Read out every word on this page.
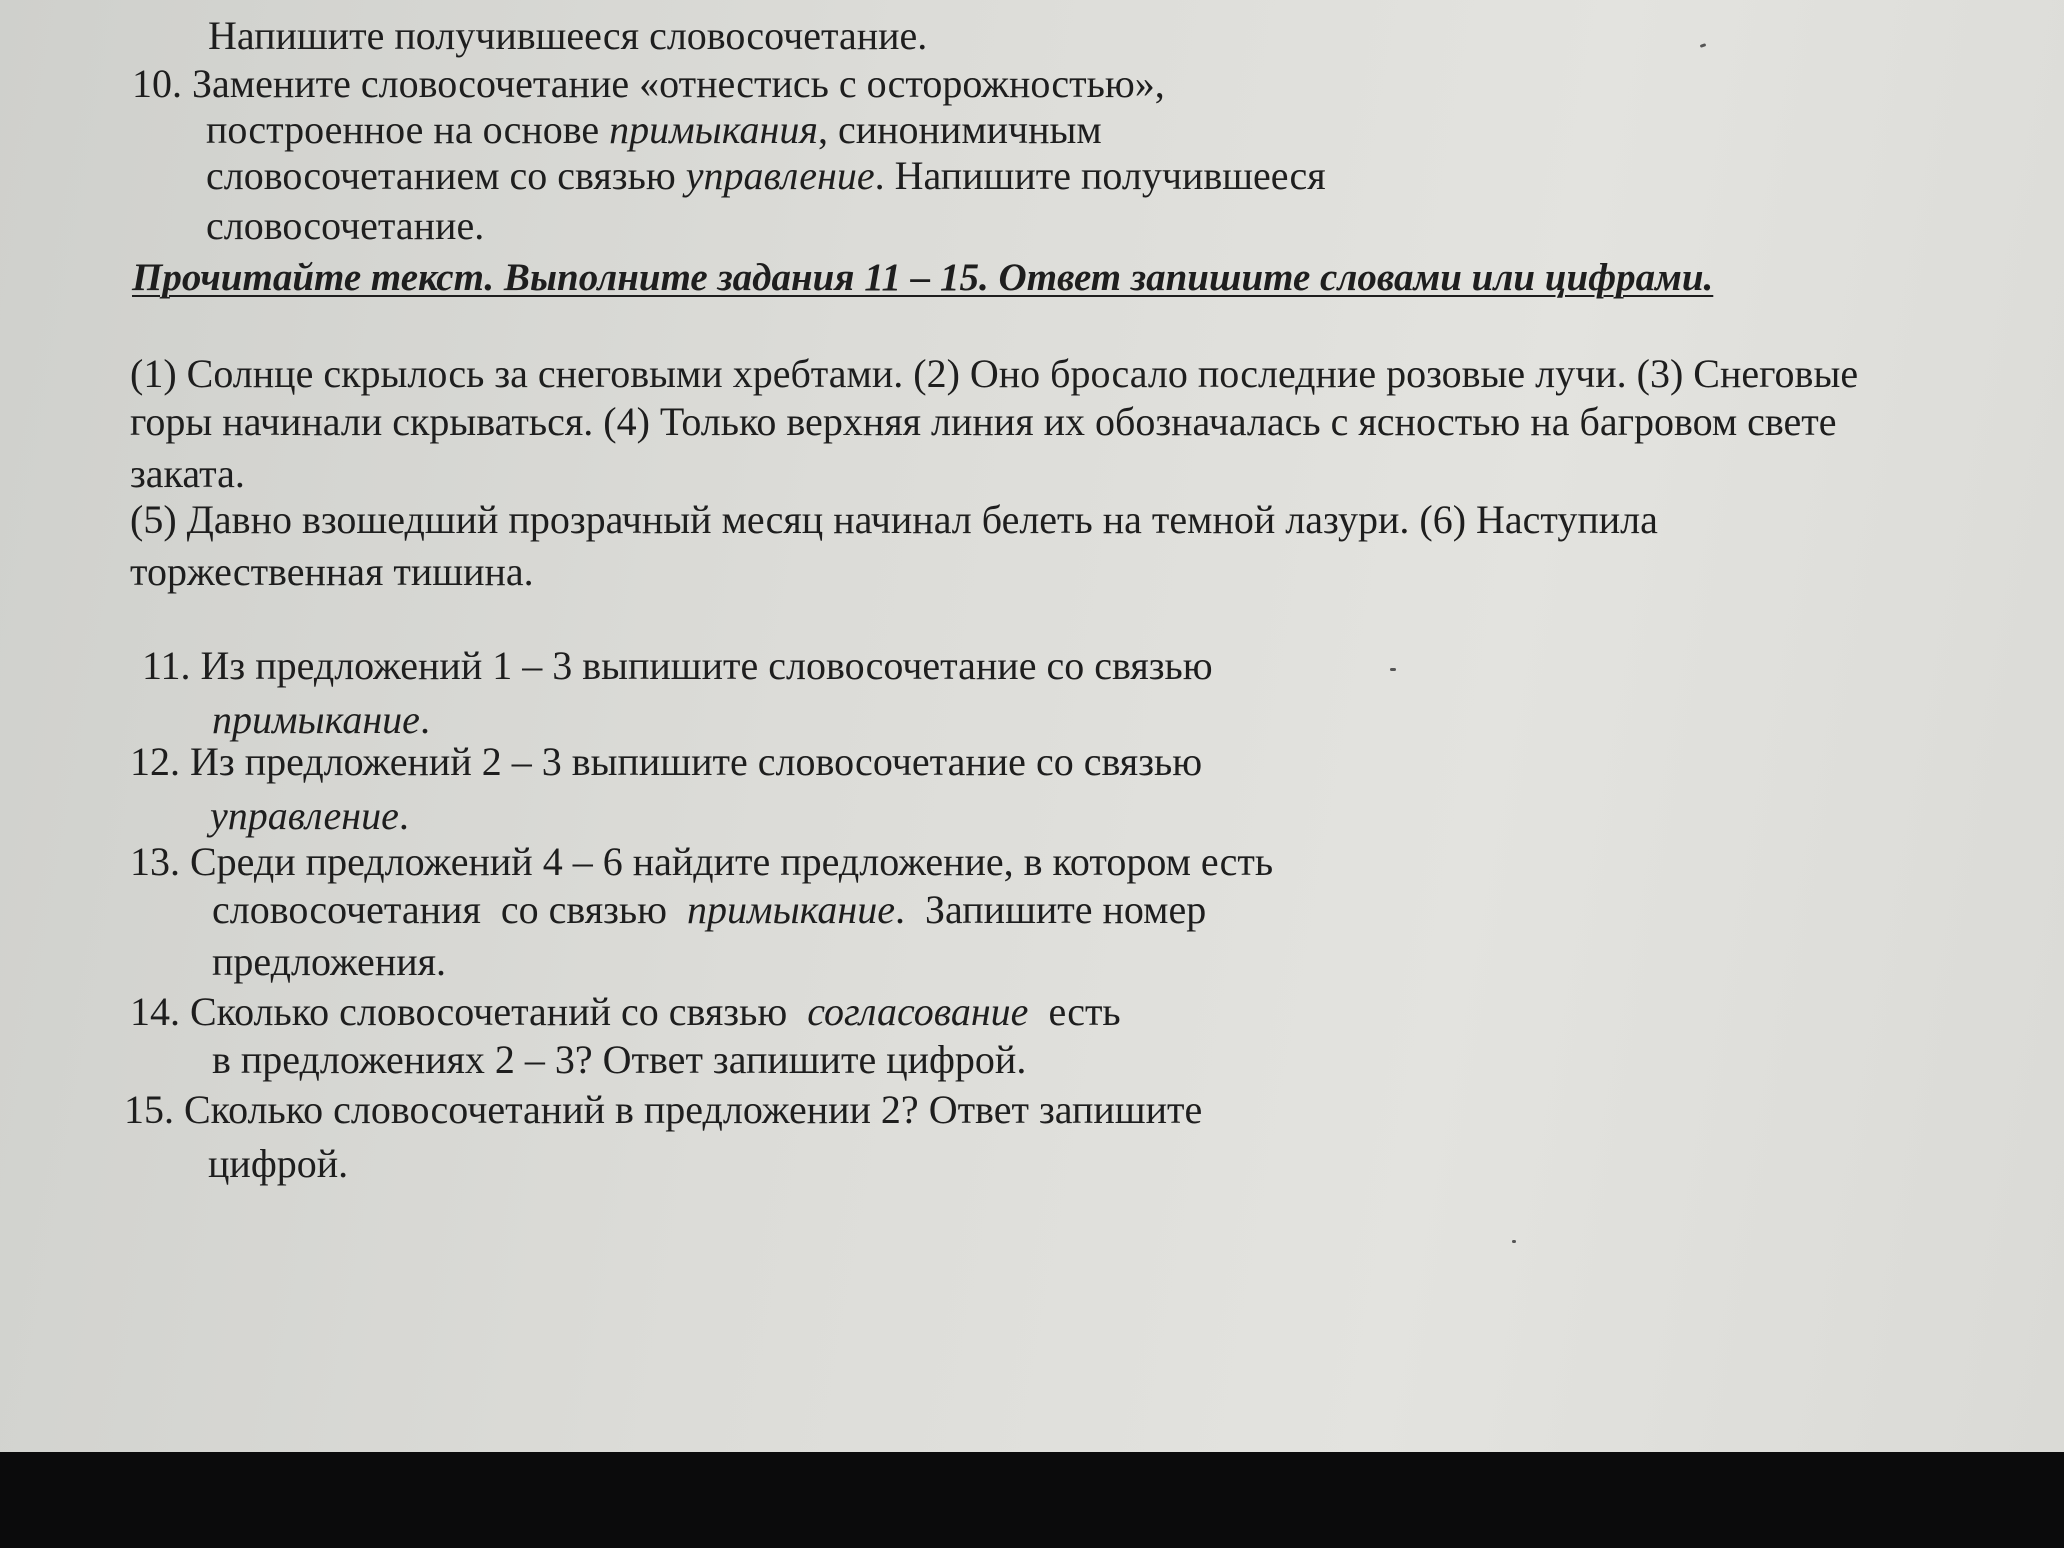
Напишите получившееся словосочетание.
10. Замените словосочетание «отнестись с осторожностью»,
построенное на основе примыкания, синонимичным
словосочетанием со связью управление. Напишите получившееся
словосочетание.
Прочитайте текст. Выполните задания 11 – 15. Ответ запишите словами или цифрами.
(1) Солнце скрылось за снеговыми хребтами. (2) Оно бросало последние розовые лучи. (3) Снеговые
горы начинали скрываться. (4) Только верхняя линия их обозначалась с ясностью на багровом свете
заката.
(5) Давно взошедший прозрачный месяц начинал белеть на темной лазури. (6) Наступила
торжественная тишина.
11. Из предложений 1 – 3 выпишите словосочетание со связью
примыкание.
12. Из предложений 2 – 3 выпишите словосочетание со связью
управление.
13. Среди предложений 4 – 6 найдите предложение, в котором есть
словосочетания  со связью  примыкание.  Запишите номер
предложения.
14. Сколько словосочетаний со связью  согласование  есть
в предложениях 2 – 3? Ответ запишите цифрой.
15. Сколько словосочетаний в предложении 2? Ответ запишите
цифрой.
